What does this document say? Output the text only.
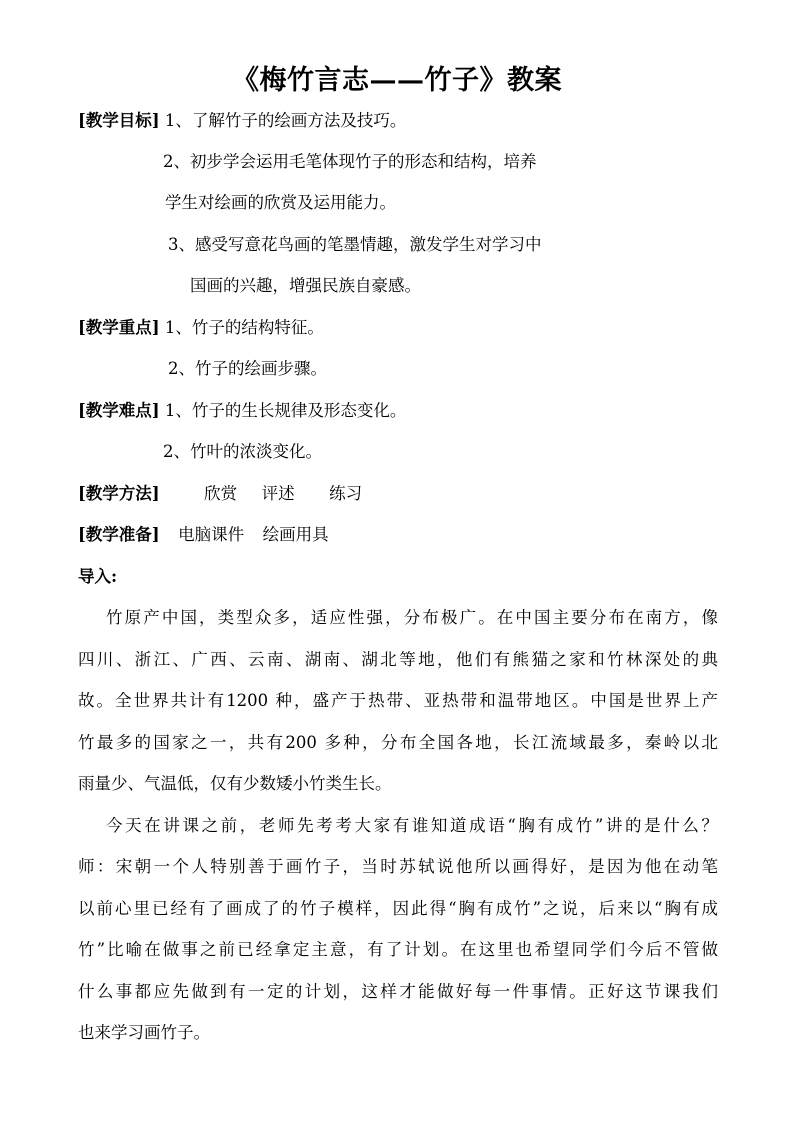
《梅竹言志——竹子》教案
[教学目标] 1、了解竹子的绘画方法及技巧。
2、初步学会运用毛笔体现竹子的形态和结构，培养
学生对绘画的欣赏及运用能力。
3、感受写意花鸟画的笔墨情趣，激发学生对学习中
国画的兴趣，增强民族自豪感。
[教学重点] 1、竹子的结构特征。
2、竹子的绘画步骤。
[教学难点] 1、竹子的生长规律及形态变化。
2、竹叶的浓淡变化。
[教学方法]	欣赏 评述 练习
[教学准备] 电脑课件 绘画用具
导入:
竹原产中国，类型众多，适应性强，分布极广。在中国主要分布在南方，像
四川、浙江、广西、云南、湖南、湖北等地，他们有熊猫之家和竹林深处的典
故。全世界共计有1200 种，盛产于热带、亚热带和温带地区。中国是世界上产
竹最多的国家之一，共有200 多种，分布全国各地，长江流域最多，秦岭以北
雨量少、气温低，仅有少数矮小竹类生长。
今天在讲课之前，老师先考考大家有谁知道成语“胸有成竹”讲的是什么？
师：宋朝一个人特别善于画竹子，当时苏轼说他所以画得好，是因为他在动笔
以前心里已经有了画成了的竹子模样，因此得“胸有成竹”之说，后来以“胸有成
竹”比喻在做事之前已经拿定主意，有了计划。在这里也希望同学们今后不管做
什么事都应先做到有一定的计划，这样才能做好每一件事情。正好这节课我们
也来学习画竹子。
